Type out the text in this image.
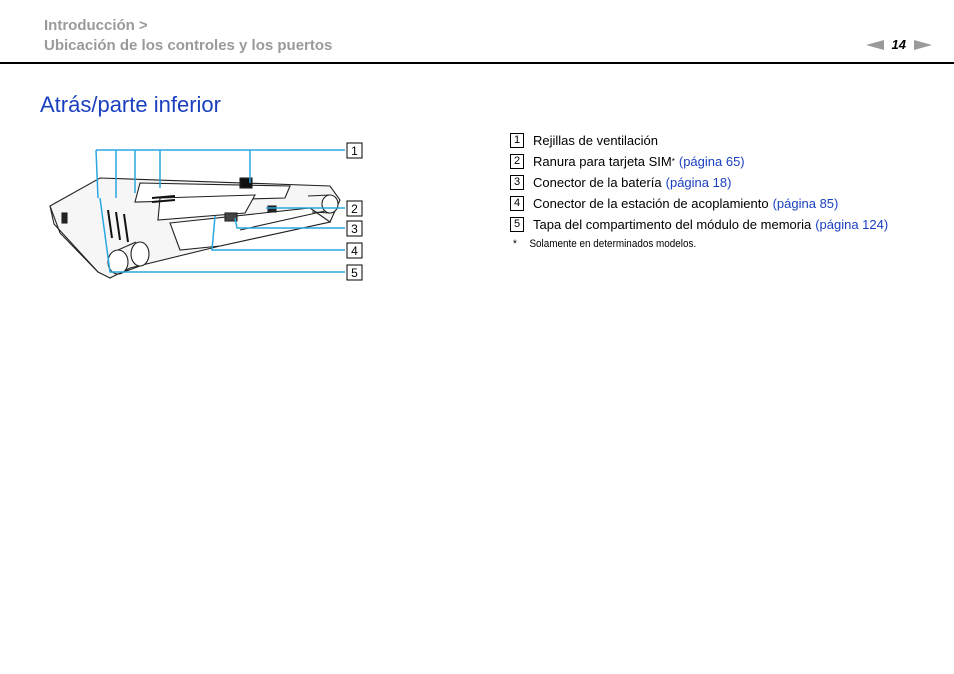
Introducción >
Ubicación de los controles y los puertos	14
Atrás/parte inferior
1
2
3
4
5
1 Rejillas de ventilación
2 Ranura para tarjeta SIM * (página 65)
3 Conector de la batería (página 18)
4 Conector de la estación de acoplamiento (página 85)
5 Tapa del compartimento del módulo de memoria (página 124)
* Solamente en determinados modelos.
